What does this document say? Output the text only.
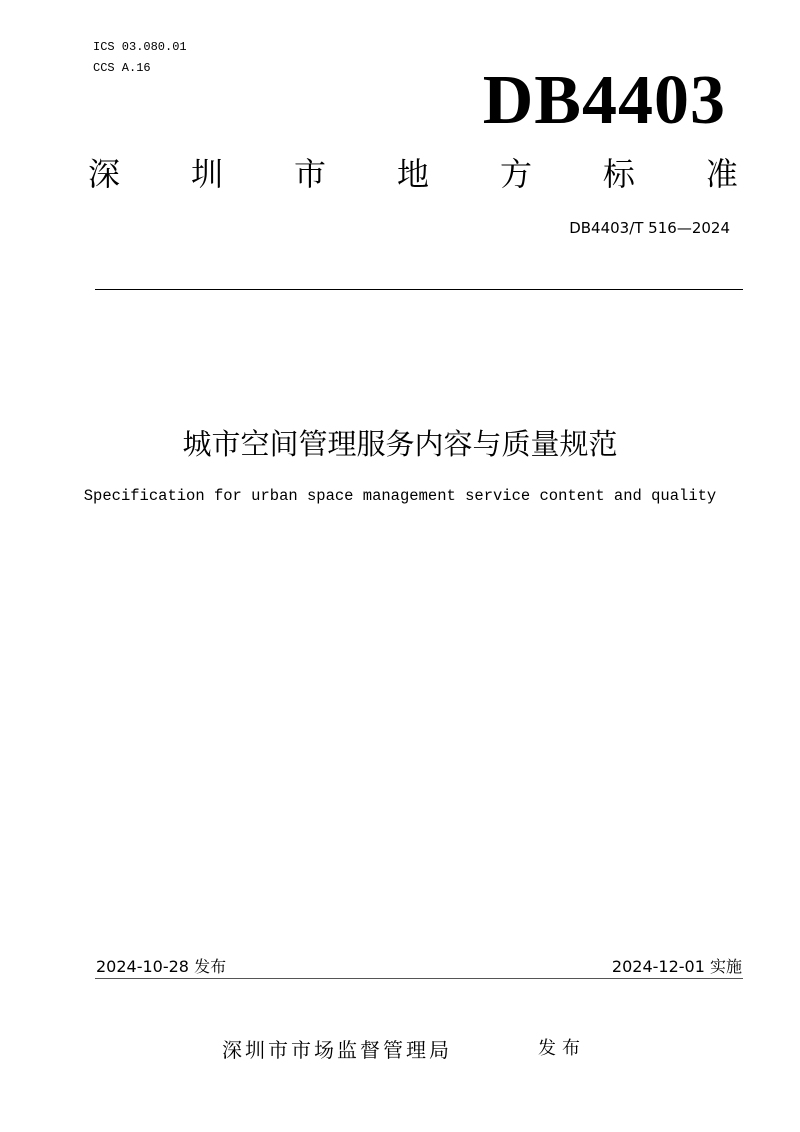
ICS 03.080.01
CCS A.16	DB4403
深 圳 市 地 方 标 准
DB4403/T 516—2024
城市空间管理服务内容与质量规范
Specification for urban space management service content and quality
2024-10-28 发布	2024-12-01 实施
深圳市市场监督管理局	发布
